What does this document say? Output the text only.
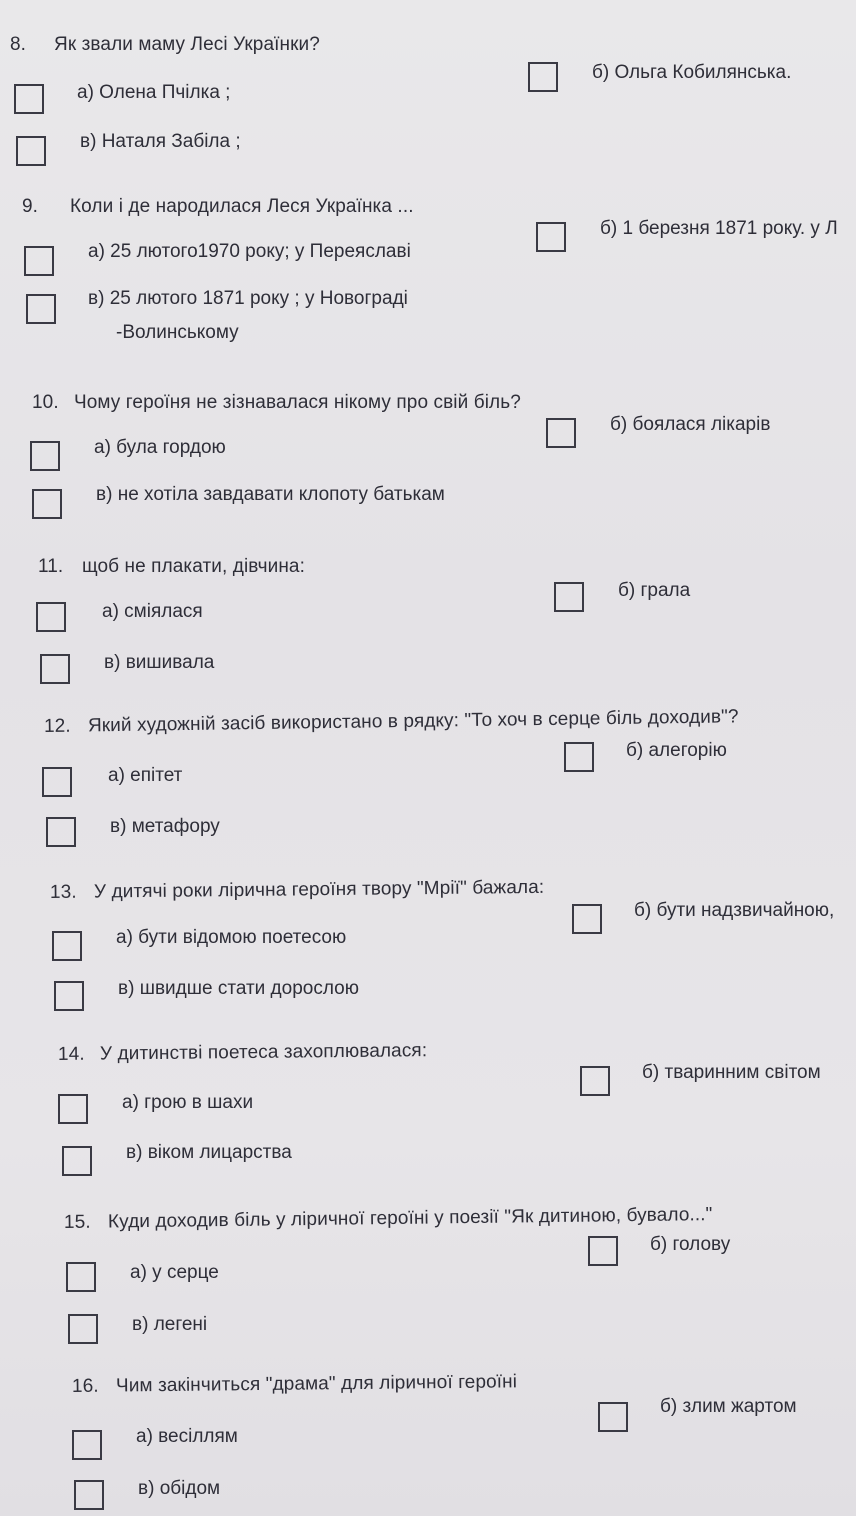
8. Як звали маму Лесі Українки?
а) Олена Пчілка ;
б) Ольга Кобилянська.
в) Наталя Забіла ;
9. Коли і де народилася Леся Українка ...
а) 25 лютого1970 року; у Переяславі
б) 1 березня 1871 року. у Л
в) 25 лютого 1871 року ; у Новограді
-Волинському
10. Чому героїня не зізнавалася нікому про свій біль?
а) була гордою
б) боялася лікарів
в) не хотіла завдавати клопоту батькам
11. щоб не плакати, дівчина:
а) сміялася
б) грала
в) вишивала
12. Який художній засіб використано в рядку: "То хоч в серце біль доходив"?
а) епітет
б) алегорію
в) метафору
13. У дитячі роки лірична героїня твору "Мрії" бажала:
а) бути відомою поетесою
б) бути надзвичайною,
в) швидше стати дорослою
14. У дитинстві поетеса захоплювалася:
а) грою в шахи
б) тваринним світом
в) віком лицарства
15. Куди доходив біль у ліричної героїні у поезії "Як дитиною, бувало..."
а) у серце
б) голову
в) легені
16. Чим закінчиться "драма" для ліричної героїні
а) весіллям
б) злим жартом
в) обідом
